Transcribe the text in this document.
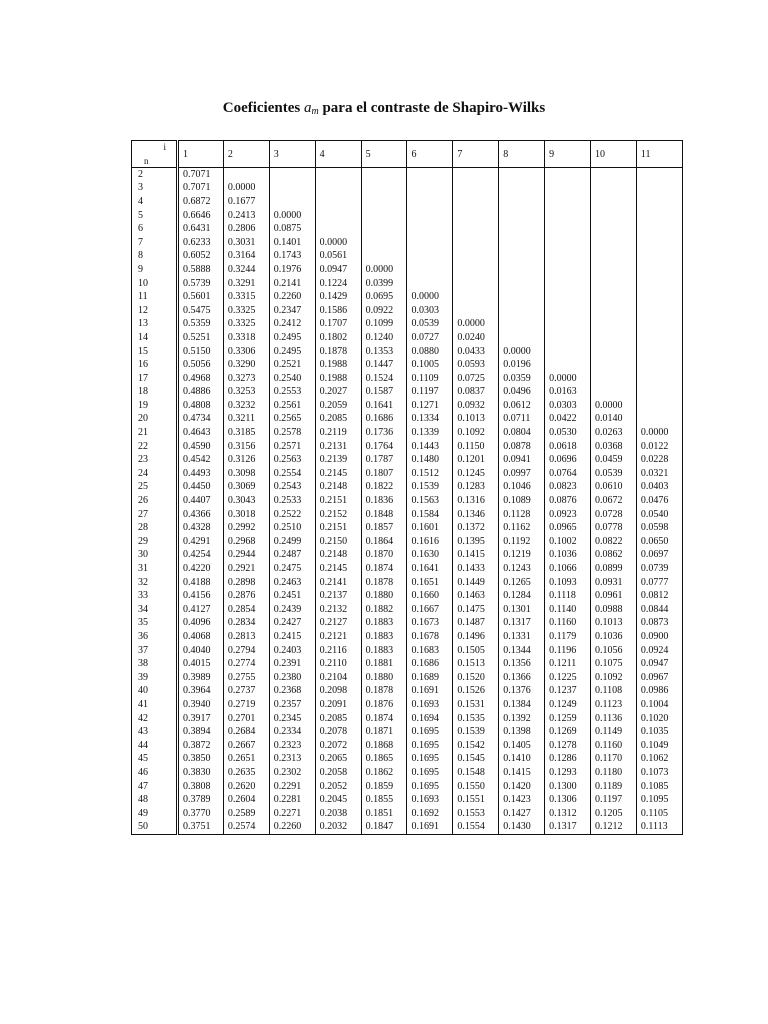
Coeficientes am para el contraste de Shapiro-Wilks
i
n	1	2	3	4	5	6	7	8	9	10	11
2	0.7071										
3	0.7071	0.0000									
4	0.6872	0.1677									
5	0.6646	0.2413	0.0000								
6	0.6431	0.2806	0.0875								
7	0.6233	0.3031	0.1401	0.0000							
8	0.6052	0.3164	0.1743	0.0561							
9	0.5888	0.3244	0.1976	0.0947	0.0000						
10	0.5739	0.3291	0.2141	0.1224	0.0399						
11	0.5601	0.3315	0.2260	0.1429	0.0695	0.0000					
12	0.5475	0.3325	0.2347	0.1586	0.0922	0.0303					
13	0.5359	0.3325	0.2412	0.1707	0.1099	0.0539	0.0000				
14	0.5251	0.3318	0.2495	0.1802	0.1240	0.0727	0.0240				
15	0.5150	0.3306	0.2495	0.1878	0.1353	0.0880	0.0433	0.0000			
16	0.5056	0.3290	0.2521	0.1988	0.1447	0.1005	0.0593	0.0196			
17	0.4968	0.3273	0.2540	0.1988	0.1524	0.1109	0.0725	0.0359	0.0000		
18	0.4886	0.3253	0.2553	0.2027	0.1587	0.1197	0.0837	0.0496	0.0163		
19	0.4808	0.3232	0.2561	0.2059	0.1641	0.1271	0.0932	0.0612	0.0303	0.0000	
20	0.4734	0.3211	0.2565	0.2085	0.1686	0.1334	0.1013	0.0711	0.0422	0.0140	
21	0.4643	0.3185	0.2578	0.2119	0.1736	0.1339	0.1092	0.0804	0.0530	0.0263	0.0000
22	0.4590	0.3156	0.2571	0.2131	0.1764	0.1443	0.1150	0.0878	0.0618	0.0368	0.0122
23	0.4542	0.3126	0.2563	0.2139	0.1787	0.1480	0.1201	0.0941	0.0696	0.0459	0.0228
24	0.4493	0.3098	0.2554	0.2145	0.1807	0.1512	0.1245	0.0997	0.0764	0.0539	0.0321
25	0.4450	0.3069	0.2543	0.2148	0.1822	0.1539	0.1283	0.1046	0.0823	0.0610	0.0403
26	0.4407	0.3043	0.2533	0.2151	0.1836	0.1563	0.1316	0.1089	0.0876	0.0672	0.0476
27	0.4366	0.3018	0.2522	0.2152	0.1848	0.1584	0.1346	0.1128	0.0923	0.0728	0.0540
28	0.4328	0.2992	0.2510	0.2151	0.1857	0.1601	0.1372	0.1162	0.0965	0.0778	0.0598
29	0.4291	0.2968	0.2499	0.2150	0.1864	0.1616	0.1395	0.1192	0.1002	0.0822	0.0650
30	0.4254	0.2944	0.2487	0.2148	0.1870	0.1630	0.1415	0.1219	0.1036	0.0862	0.0697
31	0.4220	0.2921	0.2475	0.2145	0.1874	0.1641	0.1433	0.1243	0.1066	0.0899	0.0739
32	0.4188	0.2898	0.2463	0.2141	0.1878	0.1651	0.1449	0.1265	0.1093	0.0931	0.0777
33	0.4156	0.2876	0.2451	0.2137	0.1880	0.1660	0.1463	0.1284	0.1118	0.0961	0.0812
34	0.4127	0.2854	0.2439	0.2132	0.1882	0.1667	0.1475	0.1301	0.1140	0.0988	0.0844
35	0.4096	0.2834	0.2427	0.2127	0.1883	0.1673	0.1487	0.1317	0.1160	0.1013	0.0873
36	0.4068	0.2813	0.2415	0.2121	0.1883	0.1678	0.1496	0.1331	0.1179	0.1036	0.0900
37	0.4040	0.2794	0.2403	0.2116	0.1883	0.1683	0.1505	0.1344	0.1196	0.1056	0.0924
38	0.4015	0.2774	0.2391	0.2110	0.1881	0.1686	0.1513	0.1356	0.1211	0.1075	0.0947
39	0.3989	0.2755	0.2380	0.2104	0.1880	0.1689	0.1520	0.1366	0.1225	0.1092	0.0967
40	0.3964	0.2737	0.2368	0.2098	0.1878	0.1691	0.1526	0.1376	0.1237	0.1108	0.0986
41	0.3940	0.2719	0.2357	0.2091	0.1876	0.1693	0.1531	0.1384	0.1249	0.1123	0.1004
42	0.3917	0.2701	0.2345	0.2085	0.1874	0.1694	0.1535	0.1392	0.1259	0.1136	0.1020
43	0.3894	0.2684	0.2334	0.2078	0.1871	0.1695	0.1539	0.1398	0.1269	0.1149	0.1035
44	0.3872	0.2667	0.2323	0.2072	0.1868	0.1695	0.1542	0.1405	0.1278	0.1160	0.1049
45	0.3850	0.2651	0.2313	0.2065	0.1865	0.1695	0.1545	0.1410	0.1286	0.1170	0.1062
46	0.3830	0.2635	0.2302	0.2058	0.1862	0.1695	0.1548	0.1415	0.1293	0.1180	0.1073
47	0.3808	0.2620	0.2291	0.2052	0.1859	0.1695	0.1550	0.1420	0.1300	0.1189	0.1085
48	0.3789	0.2604	0.2281	0.2045	0.1855	0.1693	0.1551	0.1423	0.1306	0.1197	0.1095
49	0.3770	0.2589	0.2271	0.2038	0.1851	0.1692	0.1553	0.1427	0.1312	0.1205	0.1105
50	0.3751	0.2574	0.2260	0.2032	0.1847	0.1691	0.1554	0.1430	0.1317	0.1212	0.1113
